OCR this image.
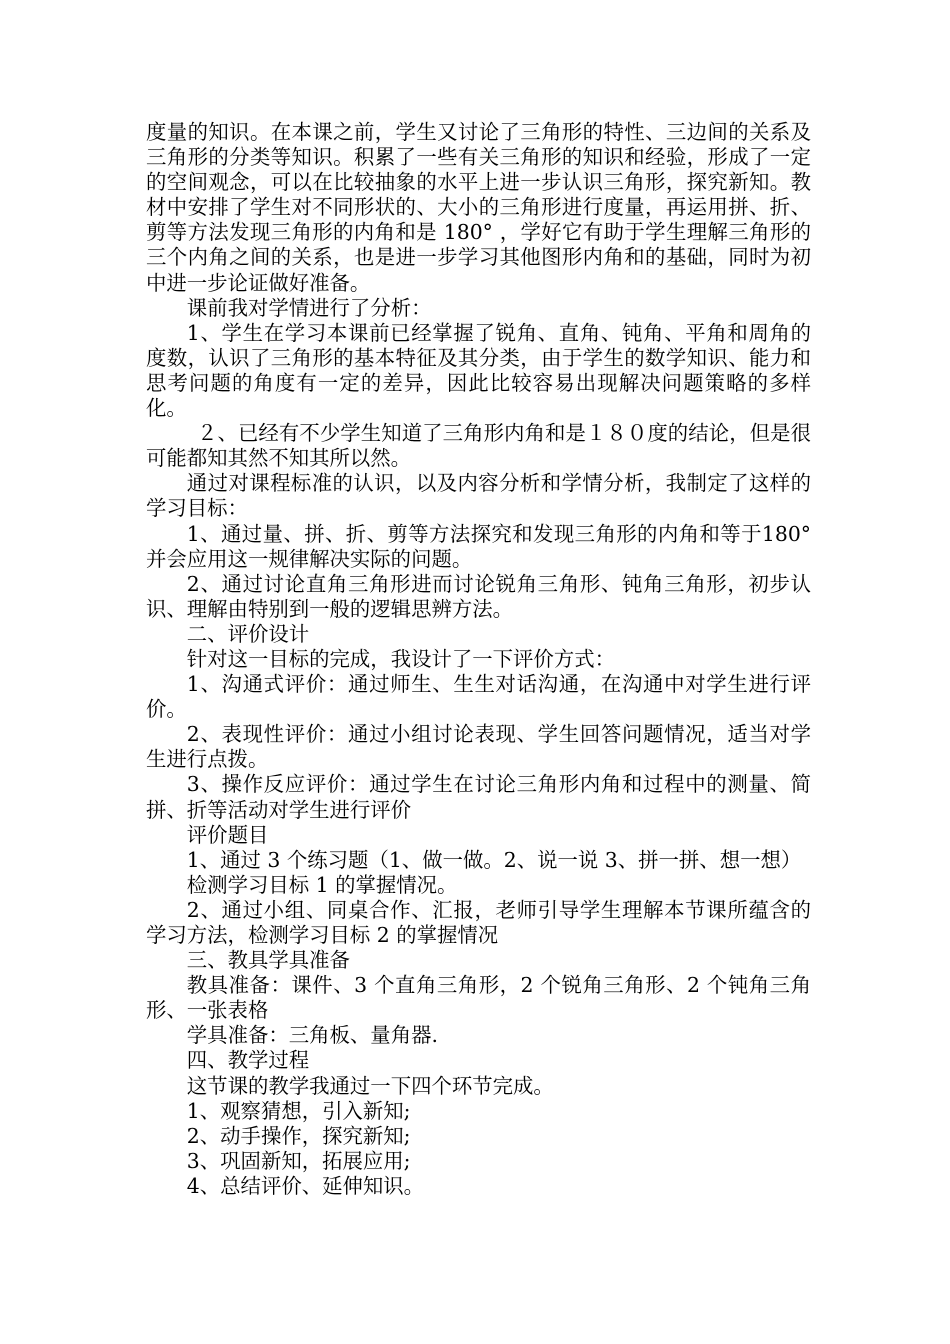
度量的知识。在本课之前，学生又讨论了三角形的特性、三边间的关系及三角形的分类等知识。积累了一些有关三角形的知识和经验，形成了一定的空间观念，可以在比较抽象的水平上进一步认识三角形，探究新知。教材中安排了学生对不同形状的、大小的三角形进行度量，再运用拼、折、剪等方法发现三角形的内角和是 180° ，学好它有助于学生理解三角形的三个内角之间的关系，也是进一步学习其他图形内角和的基础，同时为初中进一步论证做好准备。

课前我对学情进行了分析：

1、学生在学习本课前已经掌握了锐角、直角、钝角、平角和周角的度数，认识了三角形的基本特征及其分类，由于学生的数学知识、能力和思考问题的角度有一定的差异，因此比较容易出现解决问题策略的多样化。

２、已经有不少学生知道了三角形内角和是１８０度的结论，但是很可能都知其然不知其所以然。

通过对课程标准的认识，以及内容分析和学情分析，我制定了这样的学习目标：

1、通过量、拼、折、剪等方法探究和发现三角形的内角和等于180° 并会应用这一规律解决实际的问题。

2、通过讨论直角三角形进而讨论锐角三角形、钝角三角形，初步认识、理解由特别到一般的逻辑思辨方法。

二、评价设计

针对这一目标的完成，我设计了一下评价方式：

1、沟通式评价：通过师生、生生对话沟通，在沟通中对学生进行评价。

2、表现性评价：通过小组讨论表现、学生回答问题情况，适当对学生进行点拨。

3、操作反应评价：通过学生在讨论三角形内角和过程中的测量、简拼、折等活动对学生进行评价

评价题目

1、通过 3 个练习题（1、做一做。2、说一说 3、拼一拼、想一想）

检测学习目标 1 的掌握情况。

2、通过小组、同桌合作、汇报，老师引导学生理解本节课所蕴含的学习方法，检测学习目标 2 的掌握情况

三、教具学具准备

教具准备：课件、3 个直角三角形，2 个锐角三角形、2 个钝角三角形、一张表格

学具准备：三角板、量角器.

四、教学过程

这节课的教学我通过一下四个环节完成。

1、观察猜想，引入新知;

2、动手操作，探究新知;

3、巩固新知，拓展应用;

4、总结评价、延伸知识。
